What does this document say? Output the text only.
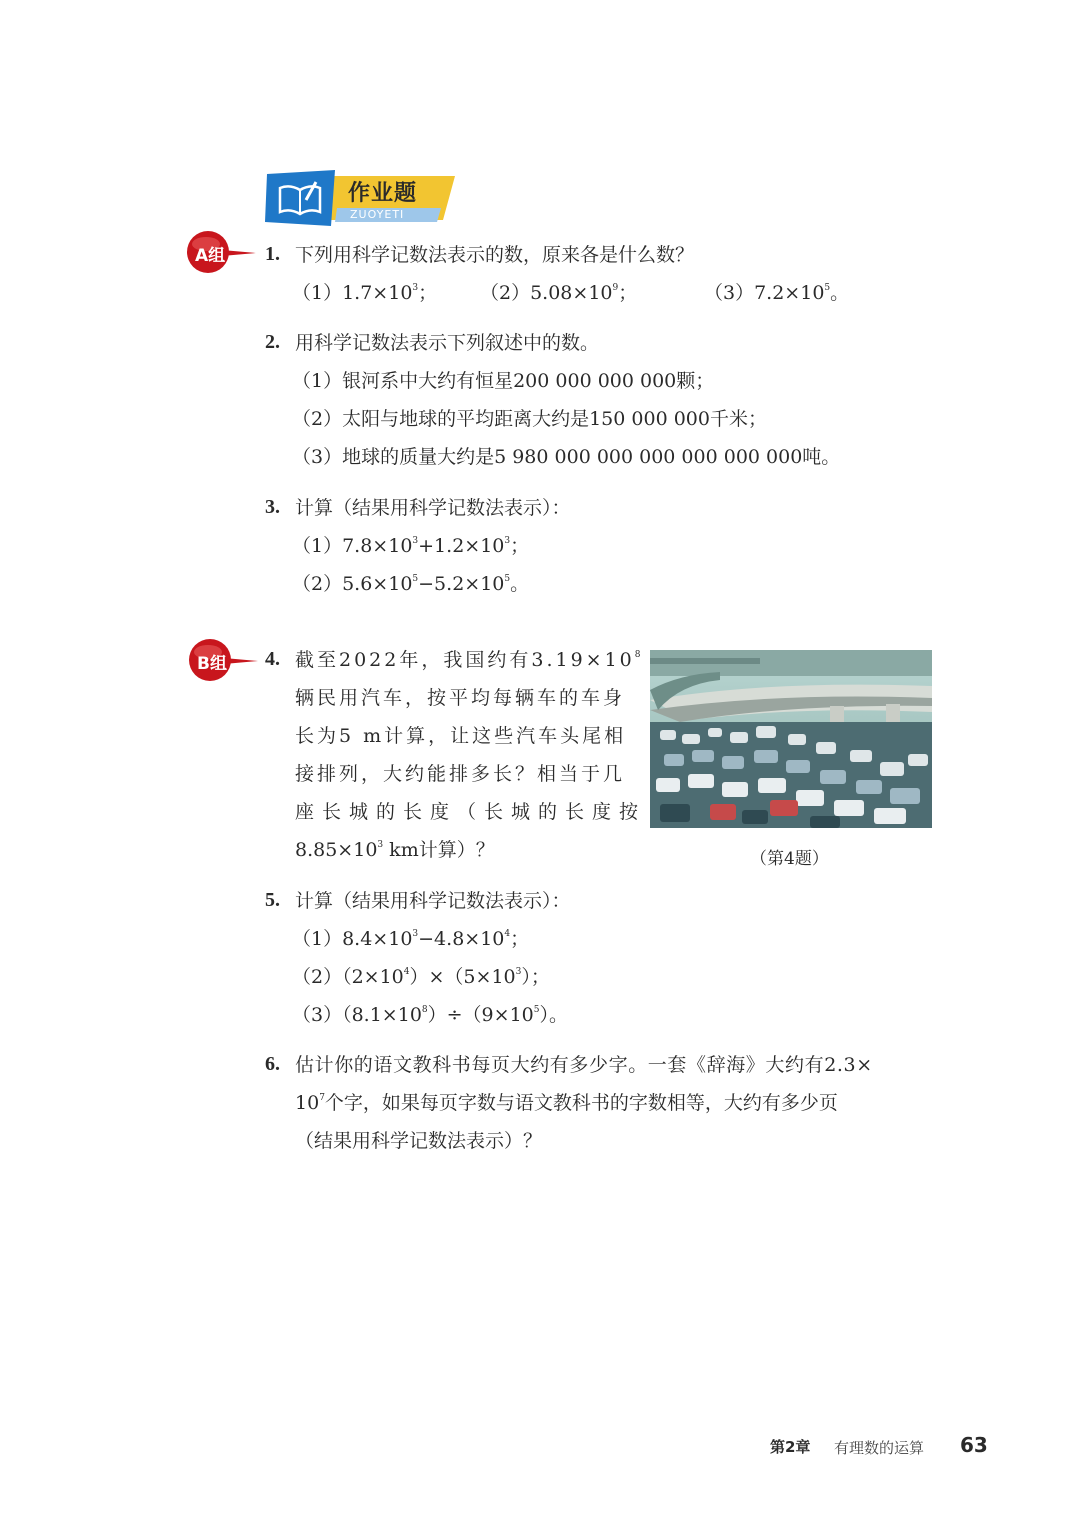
作业题
ZUOYETI
A组
B组
1. 下列用科学记数法表示的数，原来各是什么数？
$(1)1.7\times 10^3$； $(2)5.08\times 10^9$；	$(3)7.2\times 10^5$。
2. 用科学记数法表示下列叙述中的数。
（1）银河系中大约有恒星200 000 000 000颗；
（2）太阳与地球的平均距离大约是150 000 000千米；
（3）地球的质量大约是5 980 000 000 000 000 000 000吨。
3. 计算（结果用科学记数法表示）：
$(1)7.8\times 10^3+1.2\times 10^3$；
$(2)5.6\times 10^5-5.2\times 10^5$。
4. 截至2022年，我国约有$3.19\times 10^8$
辆民用汽车，按平均每辆车的车身
长为5 m计算，让这些汽车头尾相
接排列，大约能排多长？相当于几
座长城的长度（长城的长度按
$8.85\times 10^3$ km计算）？	（第4题）
5. 计算（结果用科学记数法表示）：
$(1)8.4\times 10^3-4.8\times 10^4$；
$(2)(2\times 10^4)\times(5\times 10^3)$；
$(3)(8.1\times 10^8)\div(9\times 10^5)$。
6. 估计你的语文教科书每页大约有多少字。一套《辞海》大约有2.3×
$10^7$个字，如果每页字数与语文教科书的字数相等，大约有多少页
（结果用科学记数法表示）？
第2章 有理数的运算 63
